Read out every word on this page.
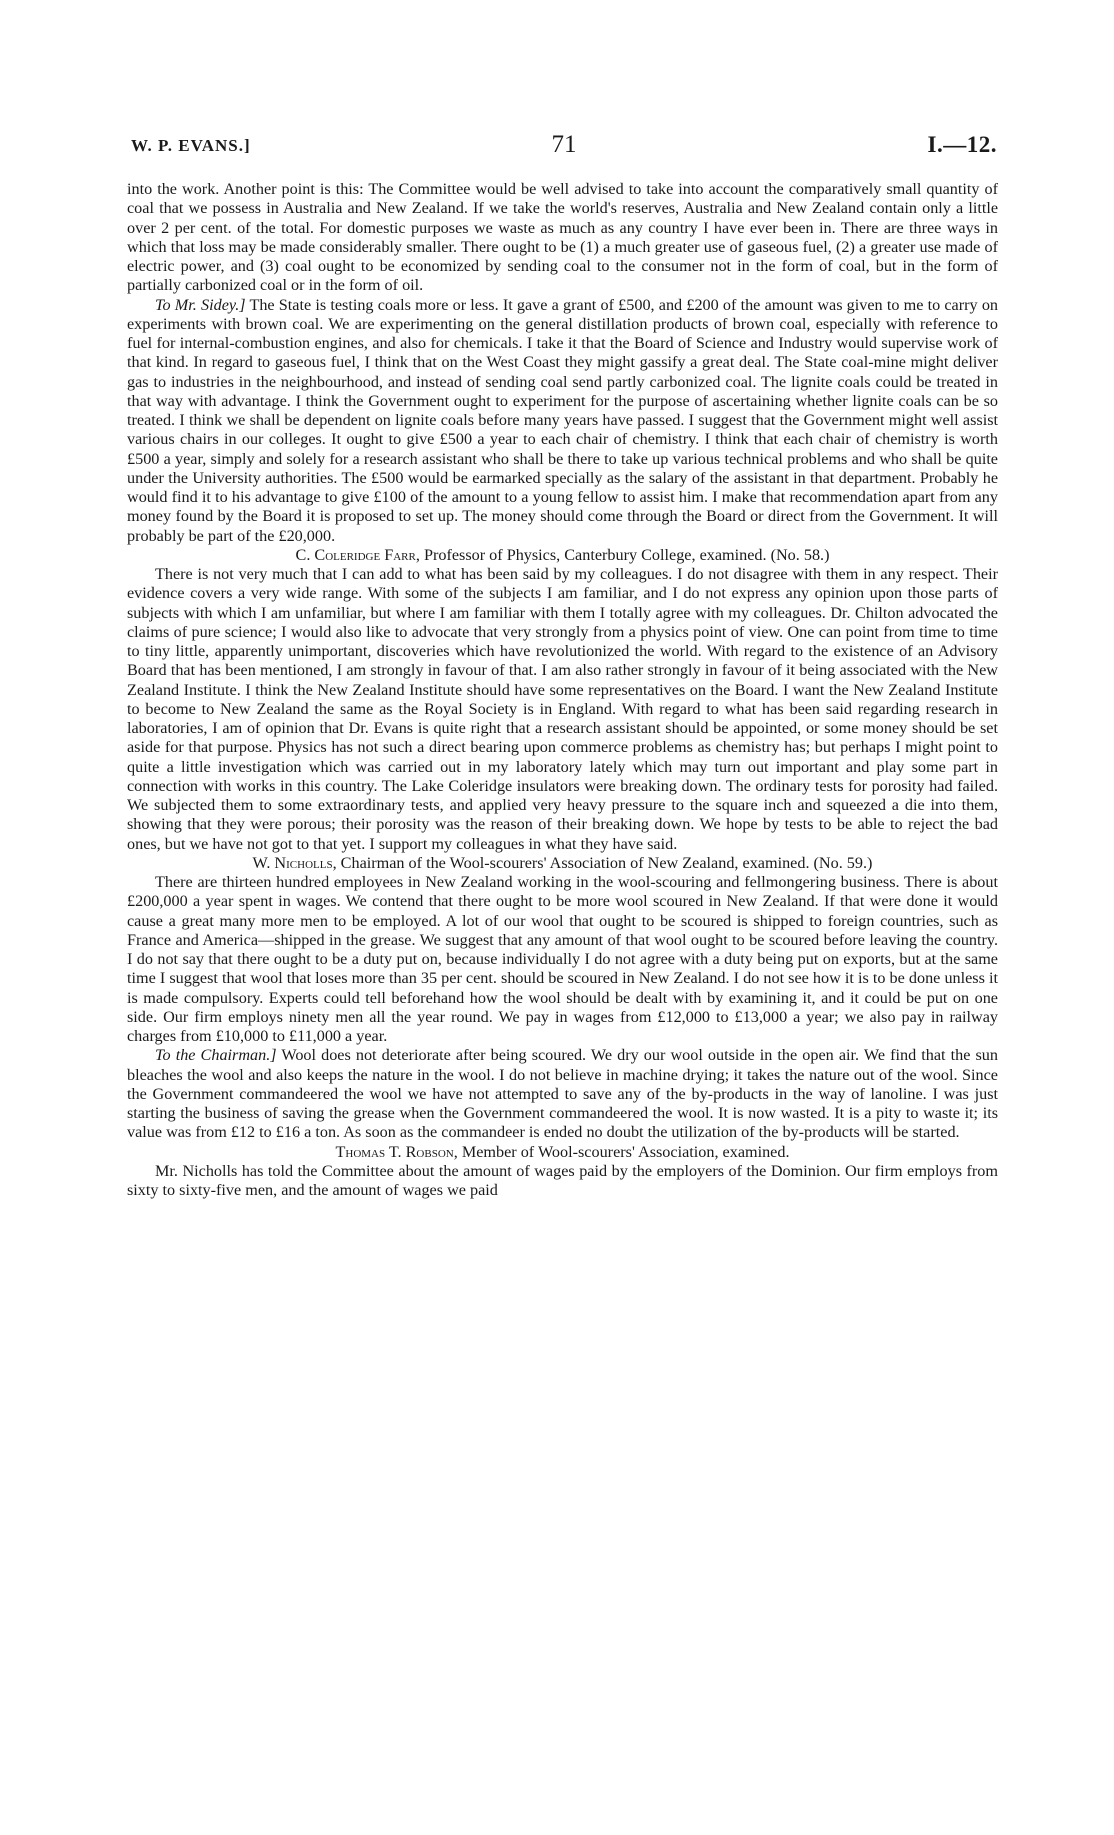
W. P. EVANS.]	71	I.—12.

into the work. Another point is this: The Committee would be well advised to take into account the comparatively small quantity of coal that we possess in Australia and New Zealand. If we take the world's reserves, Australia and New Zealand contain only a little over 2 per cent. of the total. For domestic purposes we waste as much as any country I have ever been in. There are three ways in which that loss may be made considerably smaller. There ought to be (1) a much greater use of gaseous fuel, (2) a greater use made of electric power, and (3) coal ought to be economized by sending coal to the consumer not in the form of coal, but in the form of partially carbonized coal or in the form of oil.

To Mr. Sidey.] The State is testing coals more or less. It gave a grant of £500, and £200 of the amount was given to me to carry on experiments with brown coal. We are experimenting on the general distillation products of brown coal, especially with reference to fuel for internal-combustion engines, and also for chemicals. I take it that the Board of Science and Industry would supervise work of that kind. In regard to gaseous fuel, I think that on the West Coast they might gassify a great deal. The State coal-mine might deliver gas to industries in the neighbourhood, and instead of sending coal send partly carbonized coal. The lignite coals could be treated in that way with advantage. I think the Government ought to experiment for the purpose of ascertaining whether lignite coals can be so treated. I think we shall be dependent on lignite coals before many years have passed. I suggest that the Government might well assist various chairs in our colleges. It ought to give £500 a year to each chair of chemistry. I think that each chair of chemistry is worth £500 a year, simply and solely for a research assistant who shall be there to take up various technical problems and who shall be quite under the University authorities. The £500 would be earmarked specially as the salary of the assistant in that department. Probably he would find it to his advantage to give £100 of the amount to a young fellow to assist him. I make that recommendation apart from any money found by the Board it is proposed to set up. The money should come through the Board or direct from the Government. It will probably be part of the £20,000.

C. Coleridge Farr, Professor of Physics, Canterbury College, examined. (No. 58.)

There is not very much that I can add to what has been said by my colleagues. I do not disagree with them in any respect. Their evidence covers a very wide range. With some of the subjects I am familiar, and I do not express any opinion upon those parts of subjects with which I am unfamiliar, but where I am familiar with them I totally agree with my colleagues. Dr. Chilton advocated the claims of pure science; I would also like to advocate that very strongly from a physics point of view. One can point from time to time to tiny little, apparently unimportant, discoveries which have revolutionized the world. With regard to the existence of an Advisory Board that has been mentioned, I am strongly in favour of that. I am also rather strongly in favour of it being associated with the New Zealand Institute. I think the New Zealand Institute should have some representatives on the Board. I want the New Zealand Institute to become to New Zealand the same as the Royal Society is in England. With regard to what has been said regarding research in laboratories, I am of opinion that Dr. Evans is quite right that a research assistant should be appointed, or some money should be set aside for that purpose. Physics has not such a direct bearing upon commerce problems as chemistry has; but perhaps I might point to quite a little investigation which was carried out in my laboratory lately which may turn out important and play some part in connection with works in this country. The Lake Coleridge insulators were breaking down. The ordinary tests for porosity had failed. We subjected them to some extraordinary tests, and applied very heavy pressure to the square inch and squeezed a die into them, showing that they were porous; their porosity was the reason of their breaking down. We hope by tests to be able to reject the bad ones, but we have not got to that yet. I support my colleagues in what they have said.

W. Nicholls, Chairman of the Wool-scourers' Association of New Zealand, examined. (No. 59.)

There are thirteen hundred employees in New Zealand working in the wool-scouring and fellmongering business. There is about £200,000 a year spent in wages. We contend that there ought to be more wool scoured in New Zealand. If that were done it would cause a great many more men to be employed. A lot of our wool that ought to be scoured is shipped to foreign countries, such as France and America—shipped in the grease. We suggest that any amount of that wool ought to be scoured before leaving the country. I do not say that there ought to be a duty put on, because individually I do not agree with a duty being put on exports, but at the same time I suggest that wool that loses more than 35 per cent. should be scoured in New Zealand. I do not see how it is to be done unless it is made compulsory. Experts could tell beforehand how the wool should be dealt with by examining it, and it could be put on one side. Our firm employs ninety men all the year round. We pay in wages from £12,000 to £13,000 a year; we also pay in railway charges from £10,000 to £11,000 a year.

To the Chairman.] Wool does not deteriorate after being scoured. We dry our wool outside in the open air. We find that the sun bleaches the wool and also keeps the nature in the wool. I do not believe in machine drying; it takes the nature out of the wool. Since the Government commandeered the wool we have not attempted to save any of the by-products in the way of lanoline. I was just starting the business of saving the grease when the Government commandeered the wool. It is now wasted. It is a pity to waste it; its value was from £12 to £16 a ton. As soon as the commandeer is ended no doubt the utilization of the by-products will be started.

Thomas T. Robson, Member of Wool-scourers' Association, examined.

Mr. Nicholls has told the Committee about the amount of wages paid by the employers of the Dominion. Our firm employs from sixty to sixty-five men, and the amount of wages we paid
